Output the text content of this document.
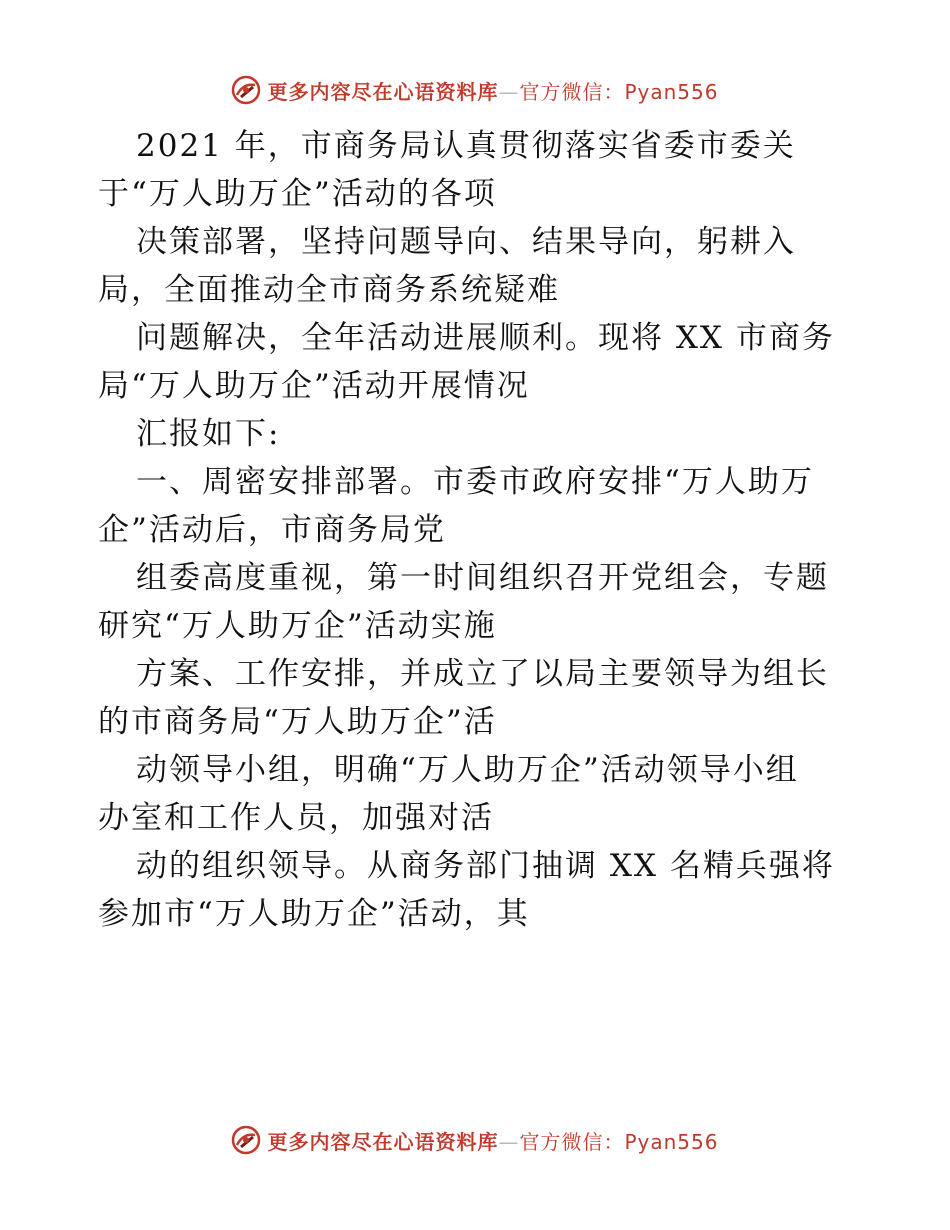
更多内容尽在心语资料库—官方微信：Pyan556
2021 年，市商务局认真贯彻落实省委市委关
于“万人助万企”活动的各项
决策部署，坚持问题导向、结果导向，躬耕入
局，全面推动全市商务系统疑难
问题解决，全年活动进展顺利。现将 XX 市商务
局“万人助万企”活动开展情况
汇报如下:
一、周密安排部署。市委市政府安排“万人助万
企”活动后，市商务局党
组委高度重视，第一时间组织召开党组会，专题
研究“万人助万企”活动实施
方案、工作安排，并成立了以局主要领导为组长
的市商务局“万人助万企”活
动领导小组，明确“万人助万企”活动领导小组
办室和工作人员，加强对活
动的组织领导。从商务部门抽调 XX 名精兵强将
参加市“万人助万企”活动，其
更多内容尽在心语资料库—官方微信：Pyan556
